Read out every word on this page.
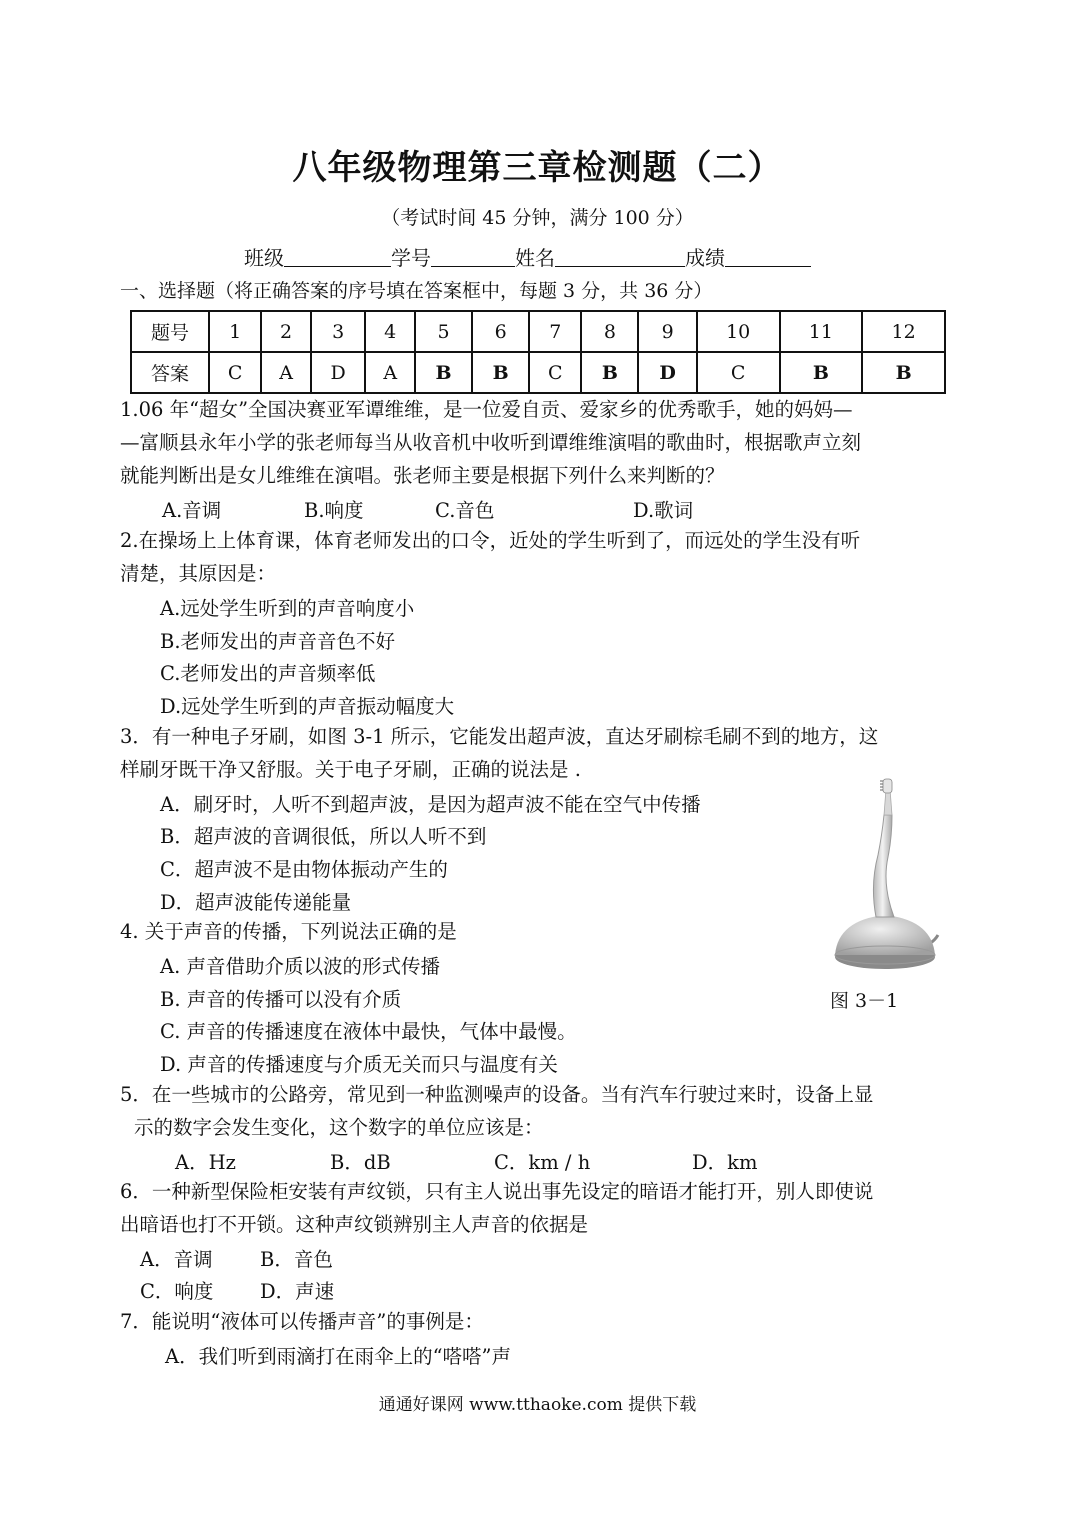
八年级物理第三章检测题（二）
（考试时间 45 分钟，满分 100 分）
班级	学号	姓名	成绩
一、选择题（将正确答案的序号填在答案框中，每题 3 分，共 36 分）
题号	1	2	3	4	5	6	7	8	9	10	11	12
答案	C	A	D	A	B	B	C	B	D	C	B	B
1.06 年“超女”全国决赛亚军谭维维，是一位爱自贡、爱家乡的优秀歌手，她的妈妈—
—富顺县永年小学的张老师每当从收音机中收听到谭维维演唱的歌曲时，根据歌声立刻
就能判断出是女儿维维在演唱。张老师主要是根据下列什么来判断的？
A.音调	B.响度	C.音色	D.歌词
2.在操场上上体育课，体育老师发出的口令，近处的学生听到了，而远处的学生没有听
清楚，其原因是：
A.远处学生听到的声音响度小
B.老师发出的声音音色不好
C.老师发出的声音频率低
D.远处学生听到的声音振动幅度大
3．有一种电子牙刷，如图 3-1 所示，它能发出超声波，直达牙刷棕毛刷不到的地方，这
样刷牙既干净又舒服。关于电子牙刷，正确的说法是 .
A．刷牙时，人听不到超声波，是因为超声波不能在空气中传播
B．超声波的音调很低，所以人听不到
C．超声波不是由物体振动产生的
D．超声波能传递能量
图 3－1
4. 关于声音的传播，下列说法正确的是
A. 声音借助介质以波的形式传播
B. 声音的传播可以没有介质
C. 声音的传播速度在液体中最快，气体中最慢。
D. 声音的传播速度与介质无关而只与温度有关
5．在一些城市的公路旁，常见到一种监测噪声的设备。当有汽车行驶过来时，设备上显
示的数字会发生变化，这个数字的单位应该是：
A．Hz	B．dB	C．km / h	D．km
6．一种新型保险柜安装有声纹锁，只有主人说出事先设定的暗语才能打开，别人即使说
出暗语也打不开锁。这种声纹锁辨别主人声音的依据是
A．音调 B．音色
C．响度 D．声速
7．能说明“液体可以传播声音”的事例是：
A．我们听到雨滴打在雨伞上的“嗒嗒”声
通通好课网 www.tthaoke.com 提供下载
